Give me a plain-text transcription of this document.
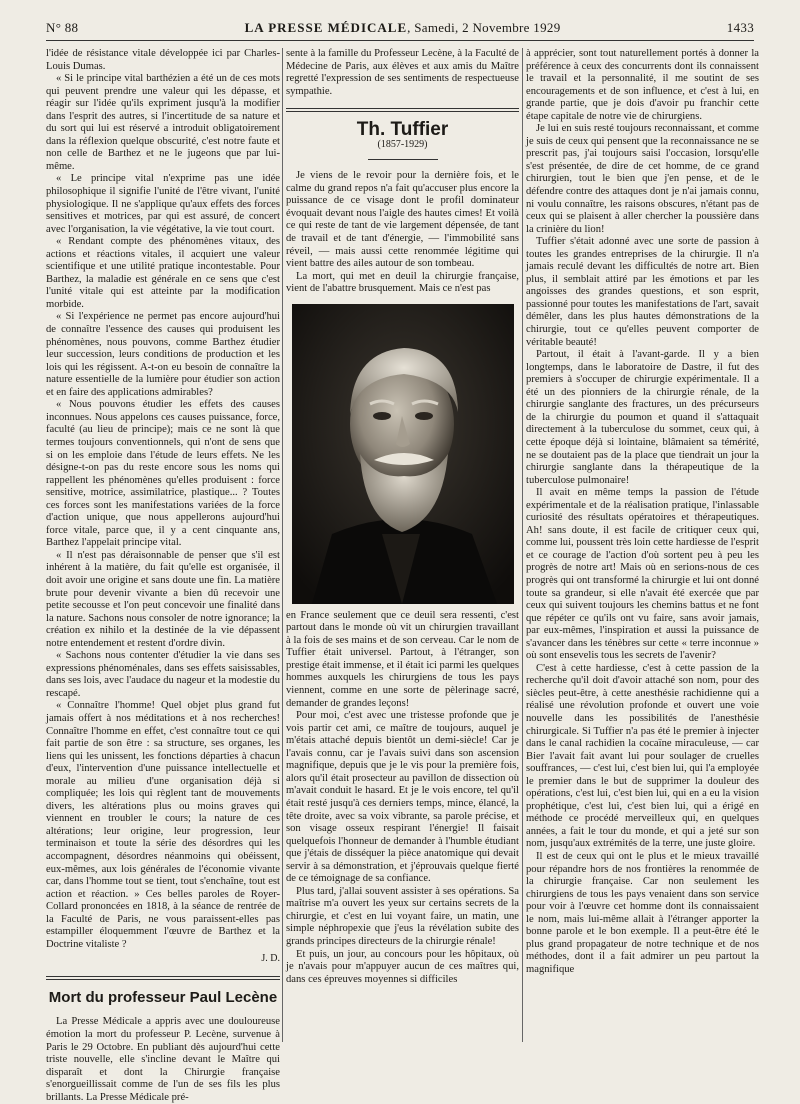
N° 88	LA PRESSE MÉDICALE, Samedi, 2 Novembre 1929	1433

l'idée de résistance vitale développée ici par Charles-Louis Dumas.

« Si le principe vital barthézien a été un de ces mots qui peuvent prendre une valeur qui les dépasse, et réagir sur l'idée qu'ils expriment jusqu'à la modifier dans l'esprit des autres, si l'incertitude de sa nature et du sort qui lui est réservé a introduit obligatoirement dans la réflexion quelque obscurité, c'est notre faute et non celle de Barthez et ne le jugeons que par lui-même.

« Le principe vital n'exprime pas une idée philosophique il signifie l'unité de l'être vivant, l'unité physiologique. Il ne s'applique qu'aux effets des forces sensitives et motrices, par qui est assuré, de concert avec l'organisation, la vie végétative, la vie tout court.

« Rendant compte des phénomènes vitaux, des actions et réactions vitales, il acquiert une valeur scientifique et une utilité pratique incontestable. Pour Barthez, la maladie est générale en ce sens que c'est l'unité vitale qui est atteinte par la modification morbide.

« Si l'expérience ne permet pas encore aujourd'hui de connaître l'essence des causes qui produisent les phénomènes, nous pouvons, comme Barthez étudier leur succession, leurs conditions de production et les lois qui les régissent. A-t-on eu besoin de connaître la nature essentielle de la lumière pour étudier son action et en faire des applications admirables?

« Nous pouvons étudier les effets des causes inconnues. Nous appelons ces causes puissance, force, faculté (au lieu de principe); mais ce ne sont là que termes toujours conventionnels, qui n'ont de sens que si on les emploie dans l'étude de leurs effets. Ne les désigne-t-on pas du reste encore sous les noms qui rappellent les phénomènes qu'elles produisent : force sensitive, motrice, assimilatrice, plastique... ? Toutes ces forces sont les manifestations variées de la force d'action unique, que nous appellerons aujourd'hui force vitale, parce que, il y a cent cinquante ans, Barthez l'appelait principe vital.

« Il n'est pas déraisonnable de penser que s'il est inhérent à la matière, du fait qu'elle est organisée, il doit avoir une origine et sans doute une fin. La matière brute pour devenir vivante a bien dû recevoir une petite secousse et l'on peut concevoir une finalité dans la nature. Sachons nous consoler de notre ignorance; la création ex nihilo et la destinée de la vie dépassent notre entendement et restent d'ordre divin.

« Sachons nous contenter d'étudier la vie dans ses expressions phénoménales, dans ses effets saisissables, dans ses lois, avec l'audace du nageur et la modestie du rescapé.

« Connaître l'homme! Quel objet plus grand fut jamais offert à nos méditations et à nos recherches! Connaître l'homme en effet, c'est connaître tout ce qui fait partie de son être : sa structure, ses organes, les liens qui les unissent, les fonctions départies à chacun d'eux, l'intervention d'une puissance intellectuelle et morale au milieu d'une organisation déjà si compliquée; les lois qui règlent tant de mouvements divers, les altérations plus ou moins graves qui viennent en troubler le cours; la nature de ces altérations; leur origine, leur progression, leur terminaison et toute la série des désordres qui les accompagnent, désordres néanmoins qui obéissent, eux-mêmes, aux lois générales de l'économie vivante car, dans l'homme tout se tient, tout s'enchaîne, tout est action et réaction. » Ces belles paroles de Royer-Collard prononcées en 1818, à la séance de rentrée de la Faculté de Paris, ne vous paraissent-elles pas estampiller éloquemment l'œuvre de Barthez et la Doctrine vitaliste ?

J. D.
Mort du professeur Paul Lecène

La Presse Médicale a appris avec une douloureuse émotion la mort du professeur P. Lecène, survenue à Paris le 29 Octobre. En publiant dès aujourd'hui cette triste nouvelle, elle s'incline devant le Maître qui disparaît et dont la Chirurgie française s'enorgueillissait comme de l'un de ses fils les plus brillants. La Presse Médicale pré-

sente à la famille du Professeur Lecène, à la Faculté de Médecine de Paris, aux élèves et aux amis du Maître regretté l'expression de ses sentiments de respectueuse sympathie.

Th. Tuffier
(1857-1929)

Je viens de le revoir pour la dernière fois, et le calme du grand repos n'a fait qu'accuser plus encore la puissance de ce visage dont le profil dominateur évoquait devant nous l'aigle des hautes cimes! Et voilà ce qui reste de tant de vie largement dépensée, de tant de travail et de tant d'énergie, — l'immobilité sans réveil, — mais aussi cette renommée légitime qui vient battre des ailes autour de son tombeau.

La mort, qui met en deuil la chirurgie française, vient de l'abattre brusquement. Mais ce n'est pas

en France seulement que ce deuil sera ressenti, c'est partout dans le monde où vit un chirurgien travaillant à la fois de ses mains et de son cerveau. Car le nom de Tuffier était universel. Partout, à l'étranger, son prestige était immense, et il était ici parmi les quelques hommes auxquels les chirurgiens de tous les pays viennent, comme en une sorte de pèlerinage sacré, demander de grandes leçons!

Pour moi, c'est avec une tristesse profonde que je vois partir cet ami, ce maître de toujours, auquel je m'étais attaché depuis bientôt un demi-siècle! Car je l'avais connu, car je l'avais suivi dans son ascension magnifique, depuis que je le vis pour la première fois, alors qu'il était prosecteur au pavillon de dissection où m'avait conduit le hasard. Et je le vois encore, tel qu'il était resté jusqu'à ces derniers temps, mince, élancé, la tête droite, avec sa voix vibrante, sa parole précise, et son visage osseux respirant l'énergie! Il faisait quelquefois l'honneur de demander à l'humble étudiant que j'étais de disséquer la pièce anatomique qui devait servir à sa démonstration, et j'éprouvais quelque fierté de ce témoignage de sa confiance.

Plus tard, j'allai souvent assister à ses opérations. Sa maîtrise m'a ouvert les yeux sur certains secrets de la chirurgie, et c'est en lui voyant faire, un matin, une simple néphropexie que j'eus la révélation subite des grands principes directeurs de la chirurgie rénale!

Et puis, un jour, au concours pour les hôpitaux, où je n'avais pour m'appuyer aucun de ces maîtres qui, dans ces épreuves moyennes si difficiles

à apprécier, sont tout naturellement portés à donner la préférence à ceux des concurrents dont ils connaissent le travail et la personnalité, il me soutint de ses encouragements et de son influence, et c'est à lui, en grande partie, que je dois d'avoir pu franchir cette étape capitale de notre vie de chirurgiens.

Je lui en suis resté toujours reconnaissant, et comme je suis de ceux qui pensent que la reconnaissance ne se prescrit pas, j'ai toujours saisi l'occasion, lorsqu'elle s'est présentée, de dire de cet homme, de ce grand chirurgien, tout le bien que j'en pense, et de le défendre contre des attaques dont je n'ai jamais connu, ni voulu connaître, les raisons obscures, n'étant pas de ceux qui se plaisent à aller chercher la poussière dans la crinière du lion!

Tuffier s'était adonné avec une sorte de passion à toutes les grandes entreprises de la chirurgie. Il n'a jamais reculé devant les difficultés de notre art. Bien plus, il semblait attiré par les émotions et par les angoisses des grandes questions, et son esprit, passionné pour toutes les manifestations de l'art, savait démêler, dans les plus hautes démonstrations de la chirurgie, tout ce qu'elles peuvent comporter de véritable beauté!

Partout, il était à l'avant-garde. Il y a bien longtemps, dans le laboratoire de Dastre, il fut des premiers à s'occuper de chirurgie expérimentale. Il a été un des pionniers de la chirurgie rénale, de la chirurgie sanglante des fractures, un des précurseurs de la chirurgie du poumon et quand il s'attaquait directement à la tuberculose du sommet, ceux qui, à cette époque déjà si lointaine, blâmaient sa témérité, ne se doutaient pas de la place que tiendrait un jour la chirurgie sanglante dans la thérapeutique de la tuberculose pulmonaire!

Il avait en même temps la passion de l'étude expérimentale et de la réalisation pratique, l'inlassable curiosité des résultats opératoires et thérapeutiques. Ah! sans doute, il est facile de critiquer ceux qui, comme lui, poussent très loin cette hardiesse de l'esprit et ce courage de l'action d'où sortent peu à peu les progrès de notre art! Mais où en serions-nous de ces progrès qui ont transformé la chirurgie et lui ont donné toute sa grandeur, si elle n'avait été exercée que par ceux qui suivent toujours les chemins battus et ne font que répéter ce qu'ils ont vu faire, sans avoir jamais, par eux-mêmes, l'inspiration et aussi la puissance de s'avancer dans les ténèbres sur cette « terre inconnue » où sont ensevelis tous les secrets de l'avenir?

C'est à cette hardiesse, c'est à cette passion de la recherche qu'il doit d'avoir attaché son nom, pour des siècles peut-être, à cette anesthésie rachidienne qui a réalisé une révolution profonde et ouvert une voie nouvelle dans les possibilités de l'anesthésie chirurgicale. Si Tuffier n'a pas été le premier à injecter dans le canal rachidien la cocaïne miraculeuse, — car Bier l'avait fait avant lui pour soulager de cruelles souffrances, — c'est lui, c'est bien lui, qui l'a employée le premier dans le but de supprimer la douleur des opérations, c'est lui, c'est bien lui, qui en a eu la vision prophétique, c'est lui, c'est bien lui, qui a érigé en méthode ce procédé merveilleux qui, en quelques années, a fait le tour du monde, et qui a jeté sur son nom, jusqu'aux extrémités de la terre, une juste gloire.

Il est de ceux qui ont le plus et le mieux travaillé pour répandre hors de nos frontières la renommée de la chirurgie française. Car non seulement les chirurgiens de tous les pays venaient dans son service pour voir à l'œuvre cet homme dont ils connaissaient le nom, mais lui-même allait à l'étranger apporter la bonne parole et le bon exemple. Il a peut-être été le plus grand propagateur de notre technique et de nos méthodes, dont il a fait admirer un peu partout la magnifique
